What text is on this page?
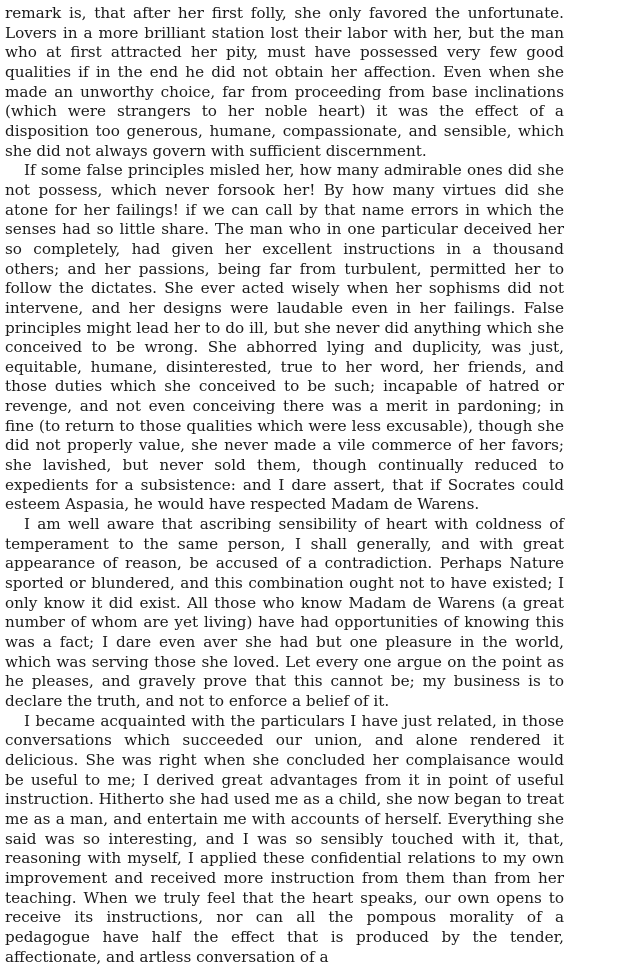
remark is, that after her first folly, she only favored the unfortunate. Lovers in a more brilliant station lost their labor with her, but the man who at first attracted her pity, must have possessed very few good qualities if in the end he did not obtain her affection. Even when she made an unworthy choice, far from proceeding from base inclinations (which were strangers to her noble heart) it was the effect of a disposition too generous, humane, compassionate, and sensible, which she did not always govern with sufficient discernment.

If some false principles misled her, how many admirable ones did she not possess, which never forsook her! By how many virtues did she atone for her failings! if we can call by that name errors in which the senses had so little share. The man who in one particular deceived her so completely, had given her excellent instructions in a thousand others; and her passions, being far from turbulent, permitted her to follow the dictates. She ever acted wisely when her sophisms did not intervene, and her designs were laudable even in her failings. False principles might lead her to do ill, but she never did anything which she conceived to be wrong. She abhorred lying and duplicity, was just, equitable, humane, disinterested, true to her word, her friends, and those duties which she conceived to be such; incapable of hatred or revenge, and not even conceiving there was a merit in pardoning; in fine (to return to those qualities which were less excusable), though she did not properly value, she never made a vile commerce of her favors; she lavished, but never sold them, though continually reduced to expedients for a subsistence: and I dare assert, that if Socrates could esteem Aspasia, he would have respected Madam de Warens.

I am well aware that ascribing sensibility of heart with coldness of temperament to the same person, I shall generally, and with great appearance of reason, be accused of a contradiction. Perhaps Nature sported or blundered, and this combination ought not to have existed; I only know it did exist. All those who know Madam de Warens (a great number of whom are yet living) have had opportunities of knowing this was a fact; I dare even aver she had but one pleasure in the world, which was serving those she loved. Let every one argue on the point as he pleases, and gravely prove that this cannot be; my business is to declare the truth, and not to enforce a belief of it.

I became acquainted with the particulars I have just related, in those conversations which succeeded our union, and alone rendered it delicious. She was right when she concluded her complaisance would be useful to me; I derived great advantages from it in point of useful instruction. Hitherto she had used me as a child, she now began to treat me as a man, and entertain me with accounts of herself. Everything she said was so interesting, and I was so sensibly touched with it, that, reasoning with myself, I applied these confidential relations to my own improvement and received more instruction from them than from her teaching. When we truly feel that the heart speaks, our own opens to receive its instructions, nor can all the pompous morality of a pedagogue have half the effect that is produced by the tender, affectionate, and artless conversation of a
